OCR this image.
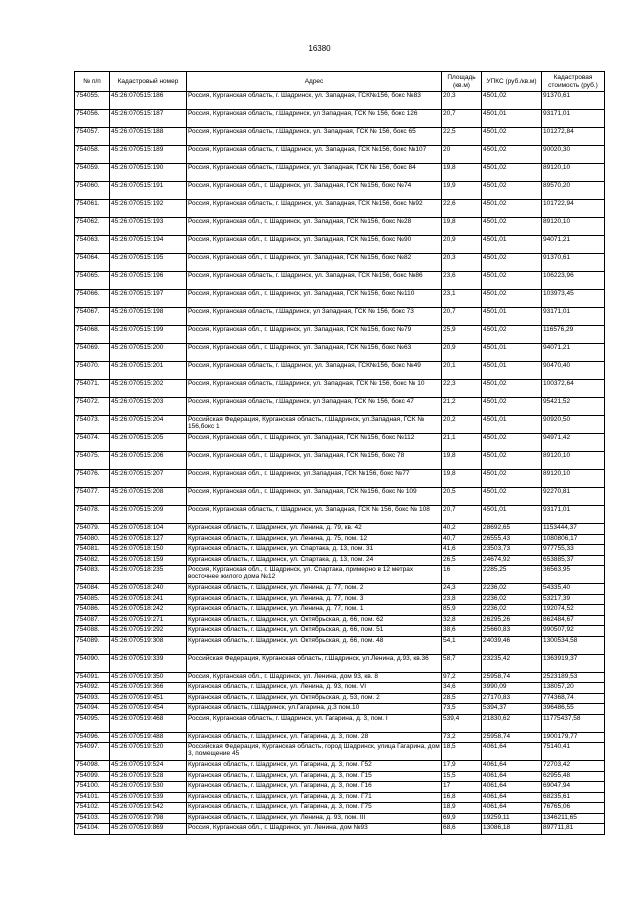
16380
№ п/п	Кадастровый номер	Адрес	Площадь (кв.м)	УПКС (руб./кв.м)	Кадастровая стоимость (руб.)
754055.	45:26:070515:186	Россия, Курганская область, г. Шадринск, ул. Западная, ГСК№156, бокс №83	20,3	4501,02	91370,61
754056.	45:26:070515:187	Россия, Курганская область, г.Шадринск, ул Западная, ГСК № 156, бокс 126	20,7	4501,01	93171,01
754057.	45:26:070515:188	Россия, Курганская область, г.Шадринск, ул. Западная, ГСК № 156, бокс 65	22,5	4501,02	101272,84
754058.	45:26:070515:189	Россия, Курганская область, г. Шадринск, ул. Западная, ГСК №156, бокс №107	20	4501,02	90020,30
754059.	45:26:070515:190	Россия, Курганская область, г.Шадринск, ул. Западная, ГСК № 156, бокс 84	19,8	4501,02	89120,10
754060.	45:26:070515:191	Россия, Курганская обл., г. Шадринск, ул. Западная, ГСК №156, бокс №74	19,9	4501,02	89570,20
754061.	45:26:070515:192	Россия, Курганская область, г. Шадринск, ул. Западная, ГСК №156, бокс №92	22,6	4501,02	101722,94
754062.	45:26:070515:193	Россия, Курганская обл., г. Шадринск, ул. Западная, ГСК №156, бокс №28	19,8	4501,02	89120,10
754063.	45:26:070515:194	Россия, Курганская обл., г. Шадринск, ул. Западная, ГСК №156, бокс №90	20,9	4501,01	94071,21
754064.	45:26:070515:195	Россия, Курганская обл., г. Шадринск, ул. Западная, ГСК №156, бокс №82	20,3	4501,02	91370,61
754065.	45:26:070515:196	Россия, Курганская область, г. Шадринск, ул. Западная, ГСК №156, бокс №86	23,6	4501,02	106223,96
754066.	45:26:070515:197	Россия, Курганская обл., г. Шадринск, ул. Западная, ГСК №156, бокс №110	23,1	4501,02	103973,45
754067.	45:26:070515:198	Россия, Курганская область, г.Шадринск, ул Западная, ГСК № 156, бокс 73	20,7	4501,01	93171,01
754068.	45:26:070515:199	Россия, Курганская обл., г. Шадринск, ул. Западная, ГСК №156, бокс №79	25,9	4501,02	116576,29
754069.	45:26:070515:200	Россия, Курганская обл., г. Шадринск, ул. Западная, ГСК №156, бокс №63	20,9	4501,01	94071,21
754070.	45:26:070515:201	Россия, Курганская область, г. Шадринск, ул. Западная, ГСК№156, бокс №49	20,1	4501,01	90470,40
754071.	45:26:070515:202	Россия, Курганская область, г.Шадринск, ул. Западная, ГСК № 156, бокс № 10	22,3	4501,02	100372,64
754072.	45:26:070515:203	Россия, Курганская область, г.Шадринск, ул Западная, ГСК № 156, бокс 47	21,2	4501,02	95421,52
754073.	45:26:070515:204	Российская Федерация, Курганская область, г.Шадринск, ул.Западная, ГСК № 156,бокс 1	20,2	4501,01	90920,50
754074.	45:26:070515:205	Россия, Курганская обл., г. Шадринск, ул. Западная, ГСК №156, бокс №112	21,1	4501,02	94971,42
754075.	45:26:070515:206	Россия, Курганская обл., г. Шадринск, ул. Западная, ГСК №156, бокс 78	19,8	4501,02	89120,10
754076.	45:26:070515:207	Россия, Курганская обл., г. Шадринск, ул.Западная, ГСК №156, бокс №77	19,8	4501,02	89120,10
754077.	45:26:070515:208	Россия, Курганская обл., г. Шадринск, ул. Западная, ГСК №156, бокс № 109	20,5	4501,02	92270,81
754078.	45:26:070515:209	Россия, Курганская область, г. Шадринск, ул. Западная, ГСК № 156, бокс № 108	20,7	4501,01	93171,01
754079.	45:26:070518:104	Курганская область, г. Шадринск, ул. Ленина, д. 79, кв. 42	40,2	28692,65	1153444,37
754080.	45:26:070518:127	Курганская область, г. Шадринск, ул. Ленина, д. 75, пом. 12	40,7	26555,43	1080806,17
754081.	45:26:070518:150	Курганская область, г. Шадринск, ул. Спартака, д. 13, пом. 31	41,6	23503,73	977755,33
754082.	45:26:070518:159	Курганская область, г. Шадринск, ул. Спартака, д. 13, пом. 24	26,5	24674,92	653885,37
754083.	45:26:070518:235	Россия, Курганская обл., г. Шадринск, ул. Спартака, примерно в 12 метрах восточнее жилого дома №12	16	2285,25	36563,95
754084.	45:26:070518:240	Курганская область, г. Шадринск, ул. Ленина, д. 77, пом. 2	24,3	2236,02	54335,40
754085.	45:26:070518:241	Курганская область, г. Шадринск, ул. Ленина, д. 77, пом. 3	23,8	2236,02	53217,39
754086.	45:26:070518:242	Курганская область, г. Шадринск, ул. Ленина, д. 77, пом. 1	85,9	2236,02	192074,52
754087.	45:26:070519:271	Курганская область, г. Шадринск, ул. Октябрьская, д. 66, пом. 62	32,8	26295,26	862484,67
754088.	45:26:070519:292	Курганская область, г. Шадринск, ул. Октябрьская, д. 66, пом. 51	38,6	25660,83	990507,92
754089.	45:26:070519:308	Курганская область, г. Шадринск, ул. Октябрьская, д. 66, пом. 48	54,1	24039,46	1300534,58
754090.	45:26:070519:339	Российская Федерация, Курганская область, г.Шадринск, ул.Ленина, д.93, кв.36	58,7	23235,42	1363919,37
754091.	45:26:070519:350	Россия, Курганская обл., г. Шадринск, ул. Ленина, дом 93, кв. 8	97,2	25958,74	2523189,53
754092.	45:26:070519:366	Курганская область, г. Шадринск, ул. Ленина, д. 93, пом. VI	34,6	3990,09	138057,20
754093.	45:26:070519:451	Курганская область, г. Шадринск, ул. Октябрьская, д. 53, пом. 2	28,5	27170,83	774368,74
754094.	45:26:070519:454	Курганская область, г.Шадринск, ул.Гагарина, д.3 пом.10	73,5	5394,37	396486,55
754095.	45:26:070519:468	Россия, Курганская область, г. Шадринск, ул. Гагарина, д. 3, пом. I	539,4	21830,62	11775437,58
754096.	45:26:070519:488	Курганская область, г. Шадринск, ул. Гагарина, д. 3, пом. 28	73,2	25958,74	1900179,77
754097.	45:26:070519:520	Российская Федерация, Курганская область, город Шадринск, улица Гагарина, дом 3, помещение 45	18,5	4061,64	75140,41
754098.	45:26:070519:524	Курганская область, г. Шадринск, ул. Гагарина, д. 3, пом. Г52	17,9	4061,64	72703,42
754099.	45:26:070519:528	Курганская область, г. Шадринск, ул. Гагарина, д. 3, пом. Г15	15,5	4061,64	62955,48
754100.	45:26:070519:530	Курганская область, г. Шадринск, ул. Гагарина, д. 3, пом. Г16	17	4061,64	69047,94
754101.	45:26:070519:539	Курганская область, г. Шадринск, ул. Гагарина, д. 3, пом. Г71	16,8	4061,64	68235,61
754102.	45:26:070519:542	Курганская область, г. Шадринск, ул. Гагарина, д. 3, пом. Г75	18,9	4061,64	76765,06
754103.	45:26:070519:798	Курганская область, г. Шадринск, ул. Ленина, д. 93, пом. III	69,9	19259,11	1346211,65
754104.	45:26:070519:869	Россия, Курганская обл., г. Шадринск, ул. Ленина, дом №93	68,6	13086,18	897711,81
